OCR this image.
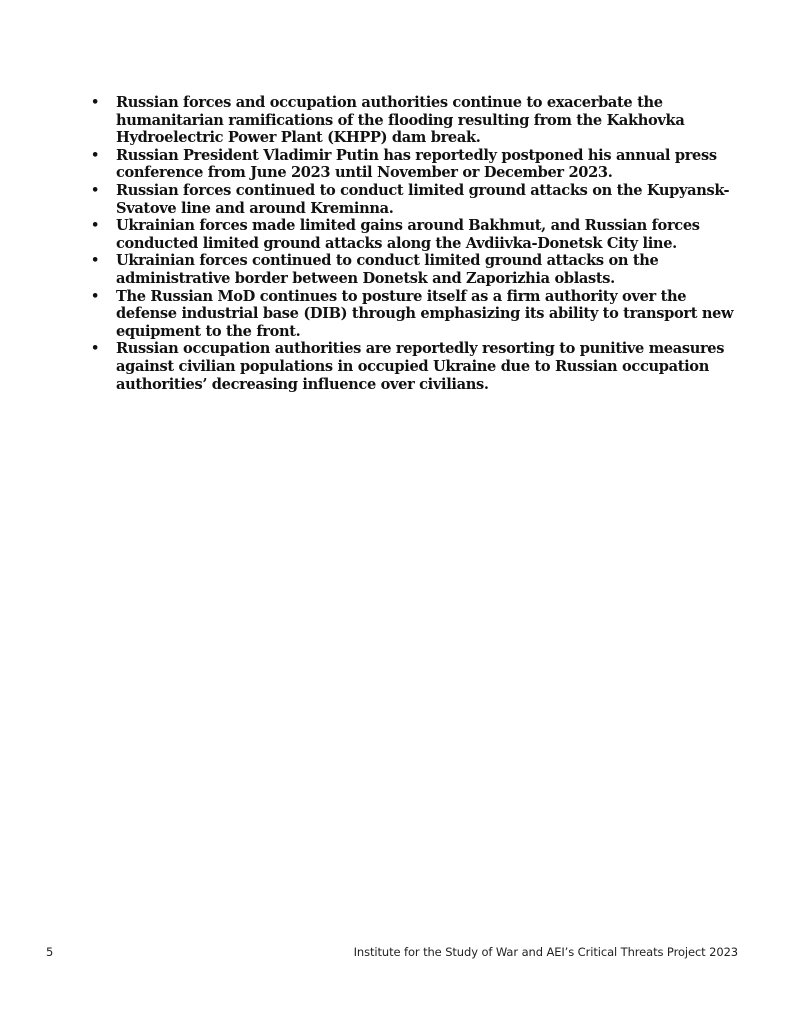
• Russian forces and occupation authorities continue to exacerbate the humanitarian ramifications of the flooding resulting from the Kakhovka Hydroelectric Power Plant (KHPP) dam break.
• Russian President Vladimir Putin has reportedly postponed his annual press conference from June 2023 until November or December 2023.
• Russian forces continued to conduct limited ground attacks on the Kupyansk-Svatove line and around Kreminna.
• Ukrainian forces made limited gains around Bakhmut, and Russian forces conducted limited ground attacks along the Avdiivka-Donetsk City line.
• Ukrainian forces continued to conduct limited ground attacks on the administrative border between Donetsk and Zaporizhia oblasts.
• The Russian MoD continues to posture itself as a firm authority over the defense industrial base (DIB) through emphasizing its ability to transport new equipment to the front.
• Russian occupation authorities are reportedly resorting to punitive measures against civilian populations in occupied Ukraine due to Russian occupation authorities’ decreasing influence over civilians.
5	Institute for the Study of War and AEI’s Critical Threats Project 2023
